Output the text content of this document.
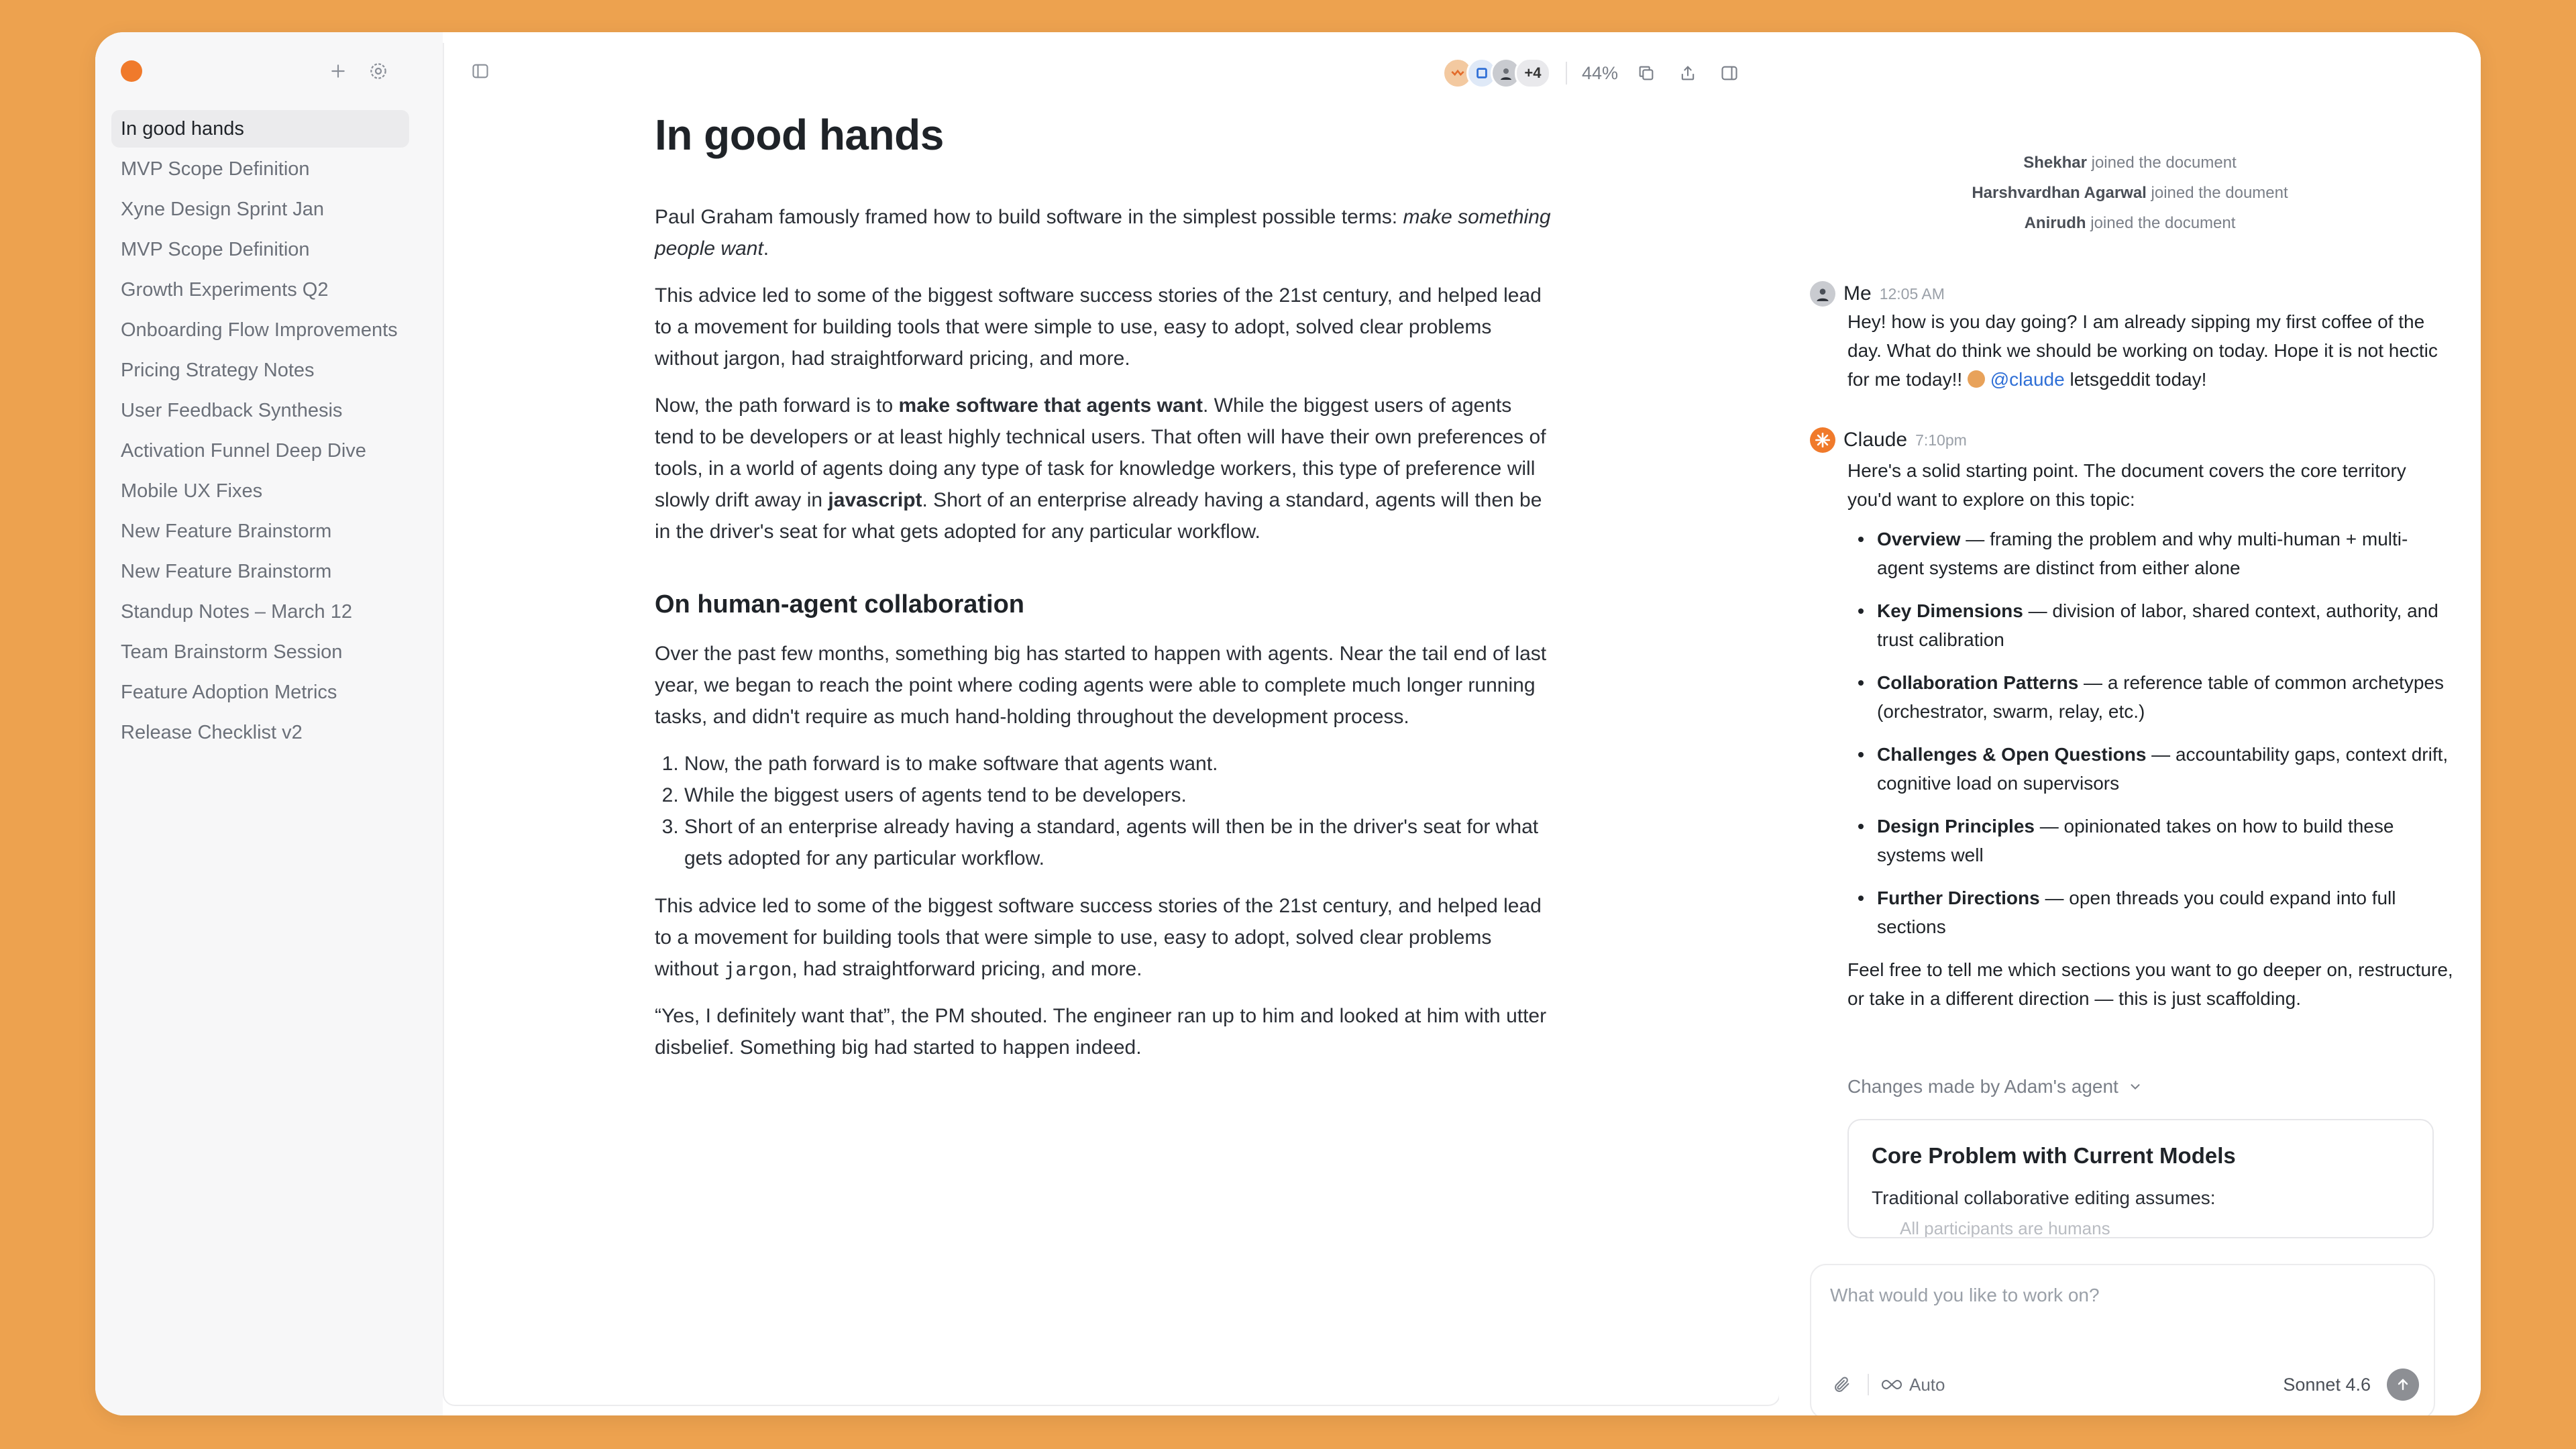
In good hands
MVP Scope Definition
Xyne Design Sprint Jan
MVP Scope Definition
Growth Experiments Q2
Onboarding Flow Improvements
Pricing Strategy Notes
User Feedback Synthesis
Activation Funnel Deep Dive
Mobile UX Fixes
New Feature Brainstorm
New Feature Brainstorm
Standup Notes – March 12
Team Brainstorm Session
Feature Adoption Metrics
Release Checklist v2
+4	44%
In good hands

Paul Graham famously framed how to build software in the simplest possible terms: make something people want.

This advice led to some of the biggest software success stories of the 21st century, and helped lead to a movement for building tools that were simple to use, easy to adopt, solved clear problems without jargon, had straightforward pricing, and more.

Now, the path forward is to make software that agents want. While the biggest users of agents tend to be developers or at least highly technical users. That often will have their own preferences of tools, in a world of agents doing any type of task for knowledge workers, this type of preference will slowly drift away in javascript. Short of an enterprise already having a standard, agents will then be in the driver's seat for what gets adopted for any particular workflow.

On human-agent collaboration

Over the past few months, something big has started to happen with agents. Near the tail end of last year, we began to reach the point where coding agents were able to complete much longer running tasks, and didn't require as much hand-holding throughout the development process.

1. Now, the path forward is to make software that agents want.
2. While the biggest users of agents tend to be developers.
3. Short of an enterprise already having a standard, agents will then be in the driver's seat for what gets adopted for any particular workflow.

This advice led to some of the biggest software success stories of the 21st century, and helped lead to a movement for building tools that were simple to use, easy to adopt, solved clear problems without jargon, had straightforward pricing, and more.

“Yes, I definitely want that”, the PM shouted. The engineer ran up to him and looked at him with utter disbelief. Something big had started to happen indeed.

Shekhar joined the document
Harshvardhan Agarwal joined the doument
Anirudh joined the document
Me 12:05 AM
Hey! how is you day going? I am already sipping my first coffee of the day. What do think we should be working on today. Hope it is not hectic for me today!!  @claude letsgeddit today!
Claude 7:10pm
Here's a solid starting point. The document covers the core territory you'd want to explore on this topic:
Overview — framing the problem and why multi-human + multi-agent systems are distinct from either alone
Key Dimensions — division of labor, shared context, authority, and trust calibration
Collaboration Patterns — a reference table of common archetypes (orchestrator, swarm, relay, etc.)
Challenges & Open Questions — accountability gaps, context drift, cognitive load on supervisors
Design Principles — opinionated takes on how to build these systems well
Further Directions — open threads you could expand into full sections
Feel free to tell me which sections you want to go deeper on, restructure, or take in a different direction — this is just scaffolding.
Changes made by Adam's agent
Core Problem with Current Models
Traditional collaborative editing assumes:
All participants are humans
What would you like to work on?
Auto	Sonnet 4.6
